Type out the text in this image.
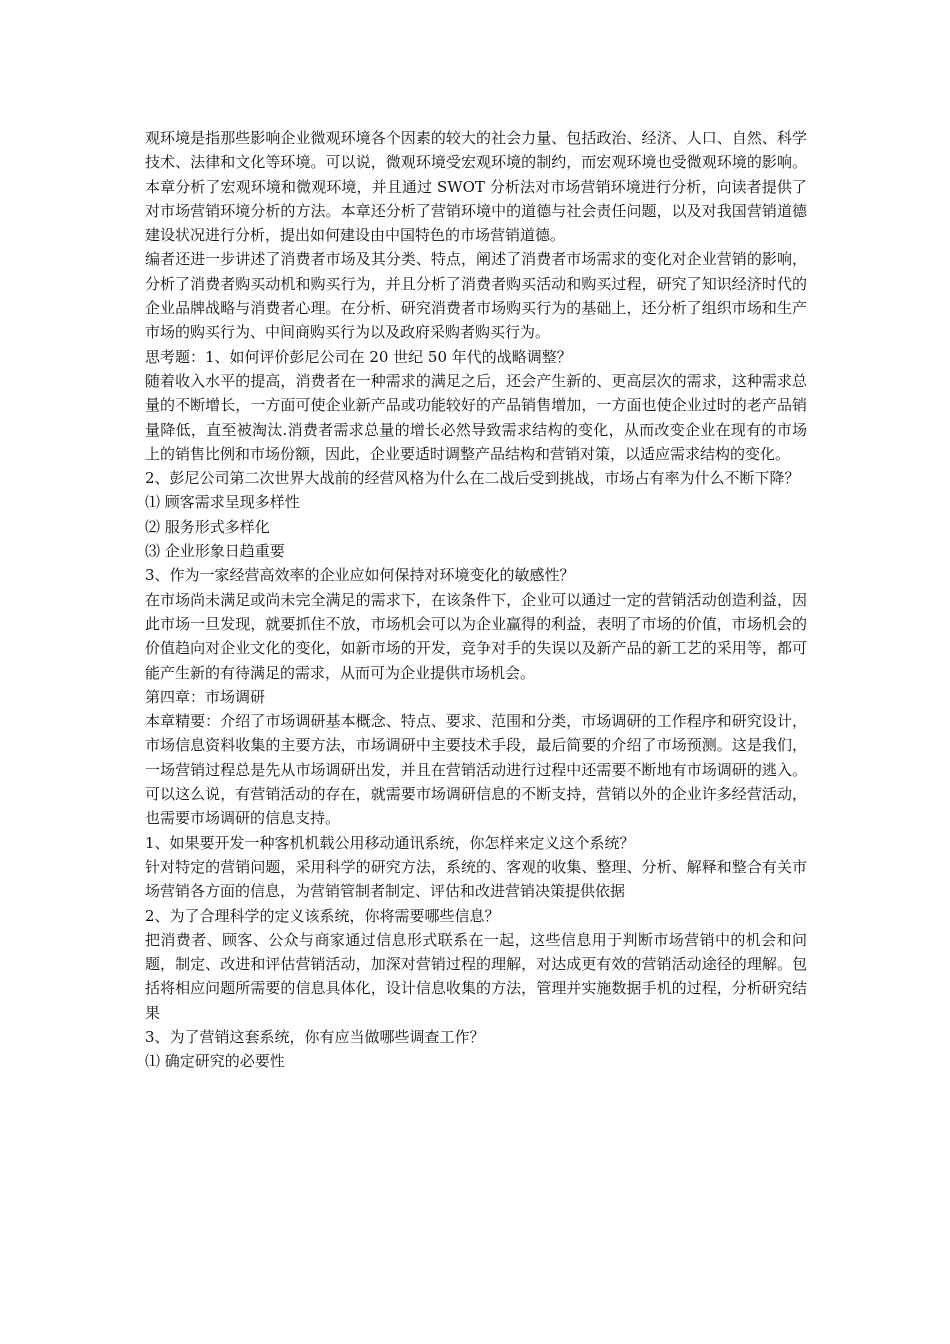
观环境是指那些影响企业微观环境各个因素的较大的社会力量、包括政治、经济、人口、自然、科学技术、法律和文化等环境。可以说，微观环境受宏观环境的制约，而宏观环境也受微观环境的影响。本章分析了宏观环境和微观环境，并且通过 SWOT 分析法对市场营销环境进行分析，向读者提供了对市场营销环境分析的方法。本章还分析了营销环境中的道德与社会责任问题，以及对我国营销道德建设状况进行分析，提出如何建设由中国特色的市场营销道德。

编者还进一步讲述了消费者市场及其分类、特点，阐述了消费者市场需求的变化对企业营销的影响，分析了消费者购买动机和购买行为，并且分析了消费者购买活动和购买过程，研究了知识经济时代的企业品牌战略与消费者心理。在分析、研究消费者市场购买行为的基础上，还分析了组织市场和生产市场的购买行为、中间商购买行为以及政府采购者购买行为。

思考题：1、如何评价彭尼公司在 20 世纪 50 年代的战略调整？

随着收入水平的提高，消费者在一种需求的满足之后，还会产生新的、更高层次的需求，这种需求总量的不断增长，一方面可使企业新产品或功能较好的产品销售增加，一方面也使企业过时的老产品销量降低，直至被淘汰.消费者需求总量的增长必然导致需求结构的变化，从而改变企业在现有的市场上的销售比例和市场份额，因此，企业要适时调整产品结构和营销对策，以适应需求结构的变化。

2、彭尼公司第二次世界大战前的经营风格为什么在二战后受到挑战，市场占有率为什么不断下降？

⑴ 顾客需求呈现多样性

⑵ 服务形式多样化

⑶ 企业形象日趋重要

3、作为一家经营高效率的企业应如何保持对环境变化的敏感性？

在市场尚未满足或尚未完全满足的需求下，在该条件下，企业可以通过一定的营销活动创造利益，因此市场一旦发现，就要抓住不放，市场机会可以为企业赢得的利益，表明了市场的价值，市场机会的价值趋向对企业文化的变化，如新市场的开发，竞争对手的失误以及新产品的新工艺的采用等，都可能产生新的有待满足的需求，从而可为企业提供市场机会。

第四章：市场调研

本章精要：介绍了市场调研基本概念、特点、要求、范围和分类，市场调研的工作程序和研究设计，市场信息资料收集的主要方法，市场调研中主要技术手段，最后简要的介绍了市场预测。这是我们，一场营销过程总是先从市场调研出发，并且在营销活动进行过程中还需要不断地有市场调研的逃入。可以这么说，有营销活动的存在，就需要市场调研信息的不断支持，营销以外的企业许多经营活动，也需要市场调研的信息支持。

1、如果要开发一种客机机载公用移动通讯系统，你怎样来定义这个系统？

针对特定的营销问题，采用科学的研究方法，系统的、客观的收集、整理、分析、解释和整合有关市场营销各方面的信息，为营销管制者制定、评估和改进营销决策提供依据

2、为了合理科学的定义该系统，你将需要哪些信息？

把消费者、顾客、公众与商家通过信息形式联系在一起，这些信息用于判断市场营销中的机会和问题，制定、改进和评估营销活动，加深对营销过程的理解，对达成更有效的营销活动途径的理解。包括将相应问题所需要的信息具体化，设计信息收集的方法，管理并实施数据手机的过程，分析研究结果

3、为了营销这套系统，你有应当做哪些调查工作？

⑴ 确定研究的必要性
